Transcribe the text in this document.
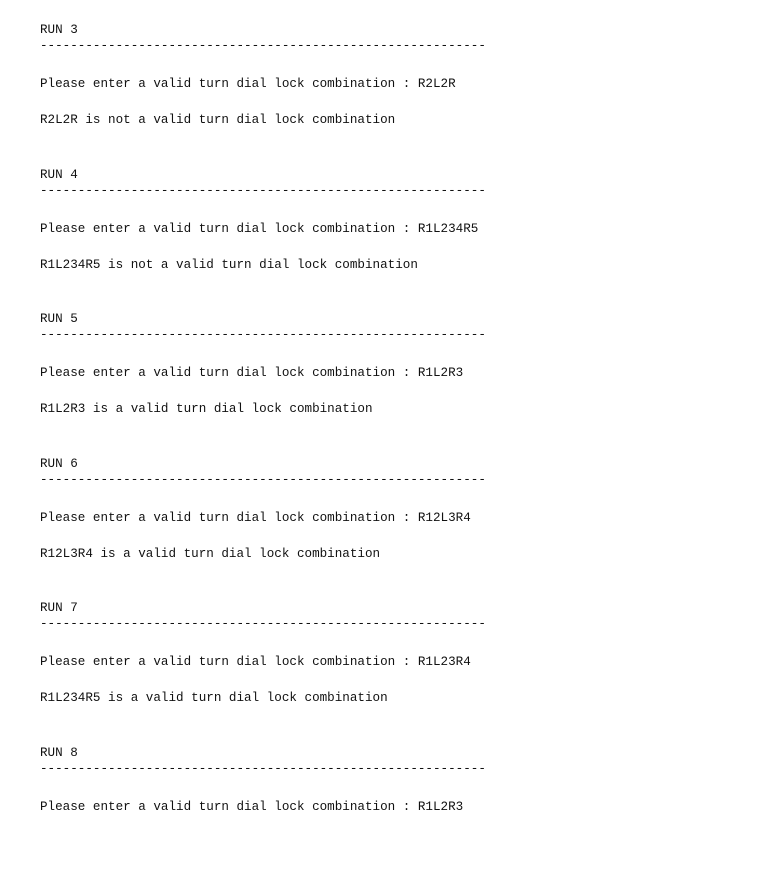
RUN 3
-----------------------------------------------------------
Please enter a valid turn dial lock combination : R2L2R
R2L2R is not a valid turn dial lock combination
RUN 4
-----------------------------------------------------------
Please enter a valid turn dial lock combination : R1L234R5
R1L234R5 is not a valid turn dial lock combination
RUN 5
-----------------------------------------------------------
Please enter a valid turn dial lock combination : R1L2R3
R1L2R3 is a valid turn dial lock combination
RUN 6
-----------------------------------------------------------
Please enter a valid turn dial lock combination : R12L3R4
R12L3R4 is a valid turn dial lock combination
RUN 7
-----------------------------------------------------------
Please enter a valid turn dial lock combination : R1L23R4
R1L234R5 is a valid turn dial lock combination
RUN 8
-----------------------------------------------------------
Please enter a valid turn dial lock combination : R1L2R3
